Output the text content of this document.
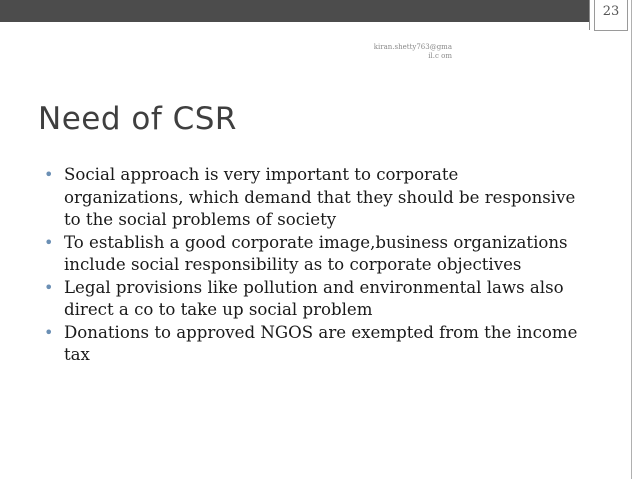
23
kiran.shetty763@gmail.c om
Need of CSR
• Social approach is very important to corporate organizations, which demand that they should be responsive to the social problems of society
• To establish a good corporate image,business organizations include social responsibility as to corporate objectives
• Legal provisions like pollution and environmental laws also direct a co to take up social problem
• Donations to approved NGOS are exempted from the income tax
